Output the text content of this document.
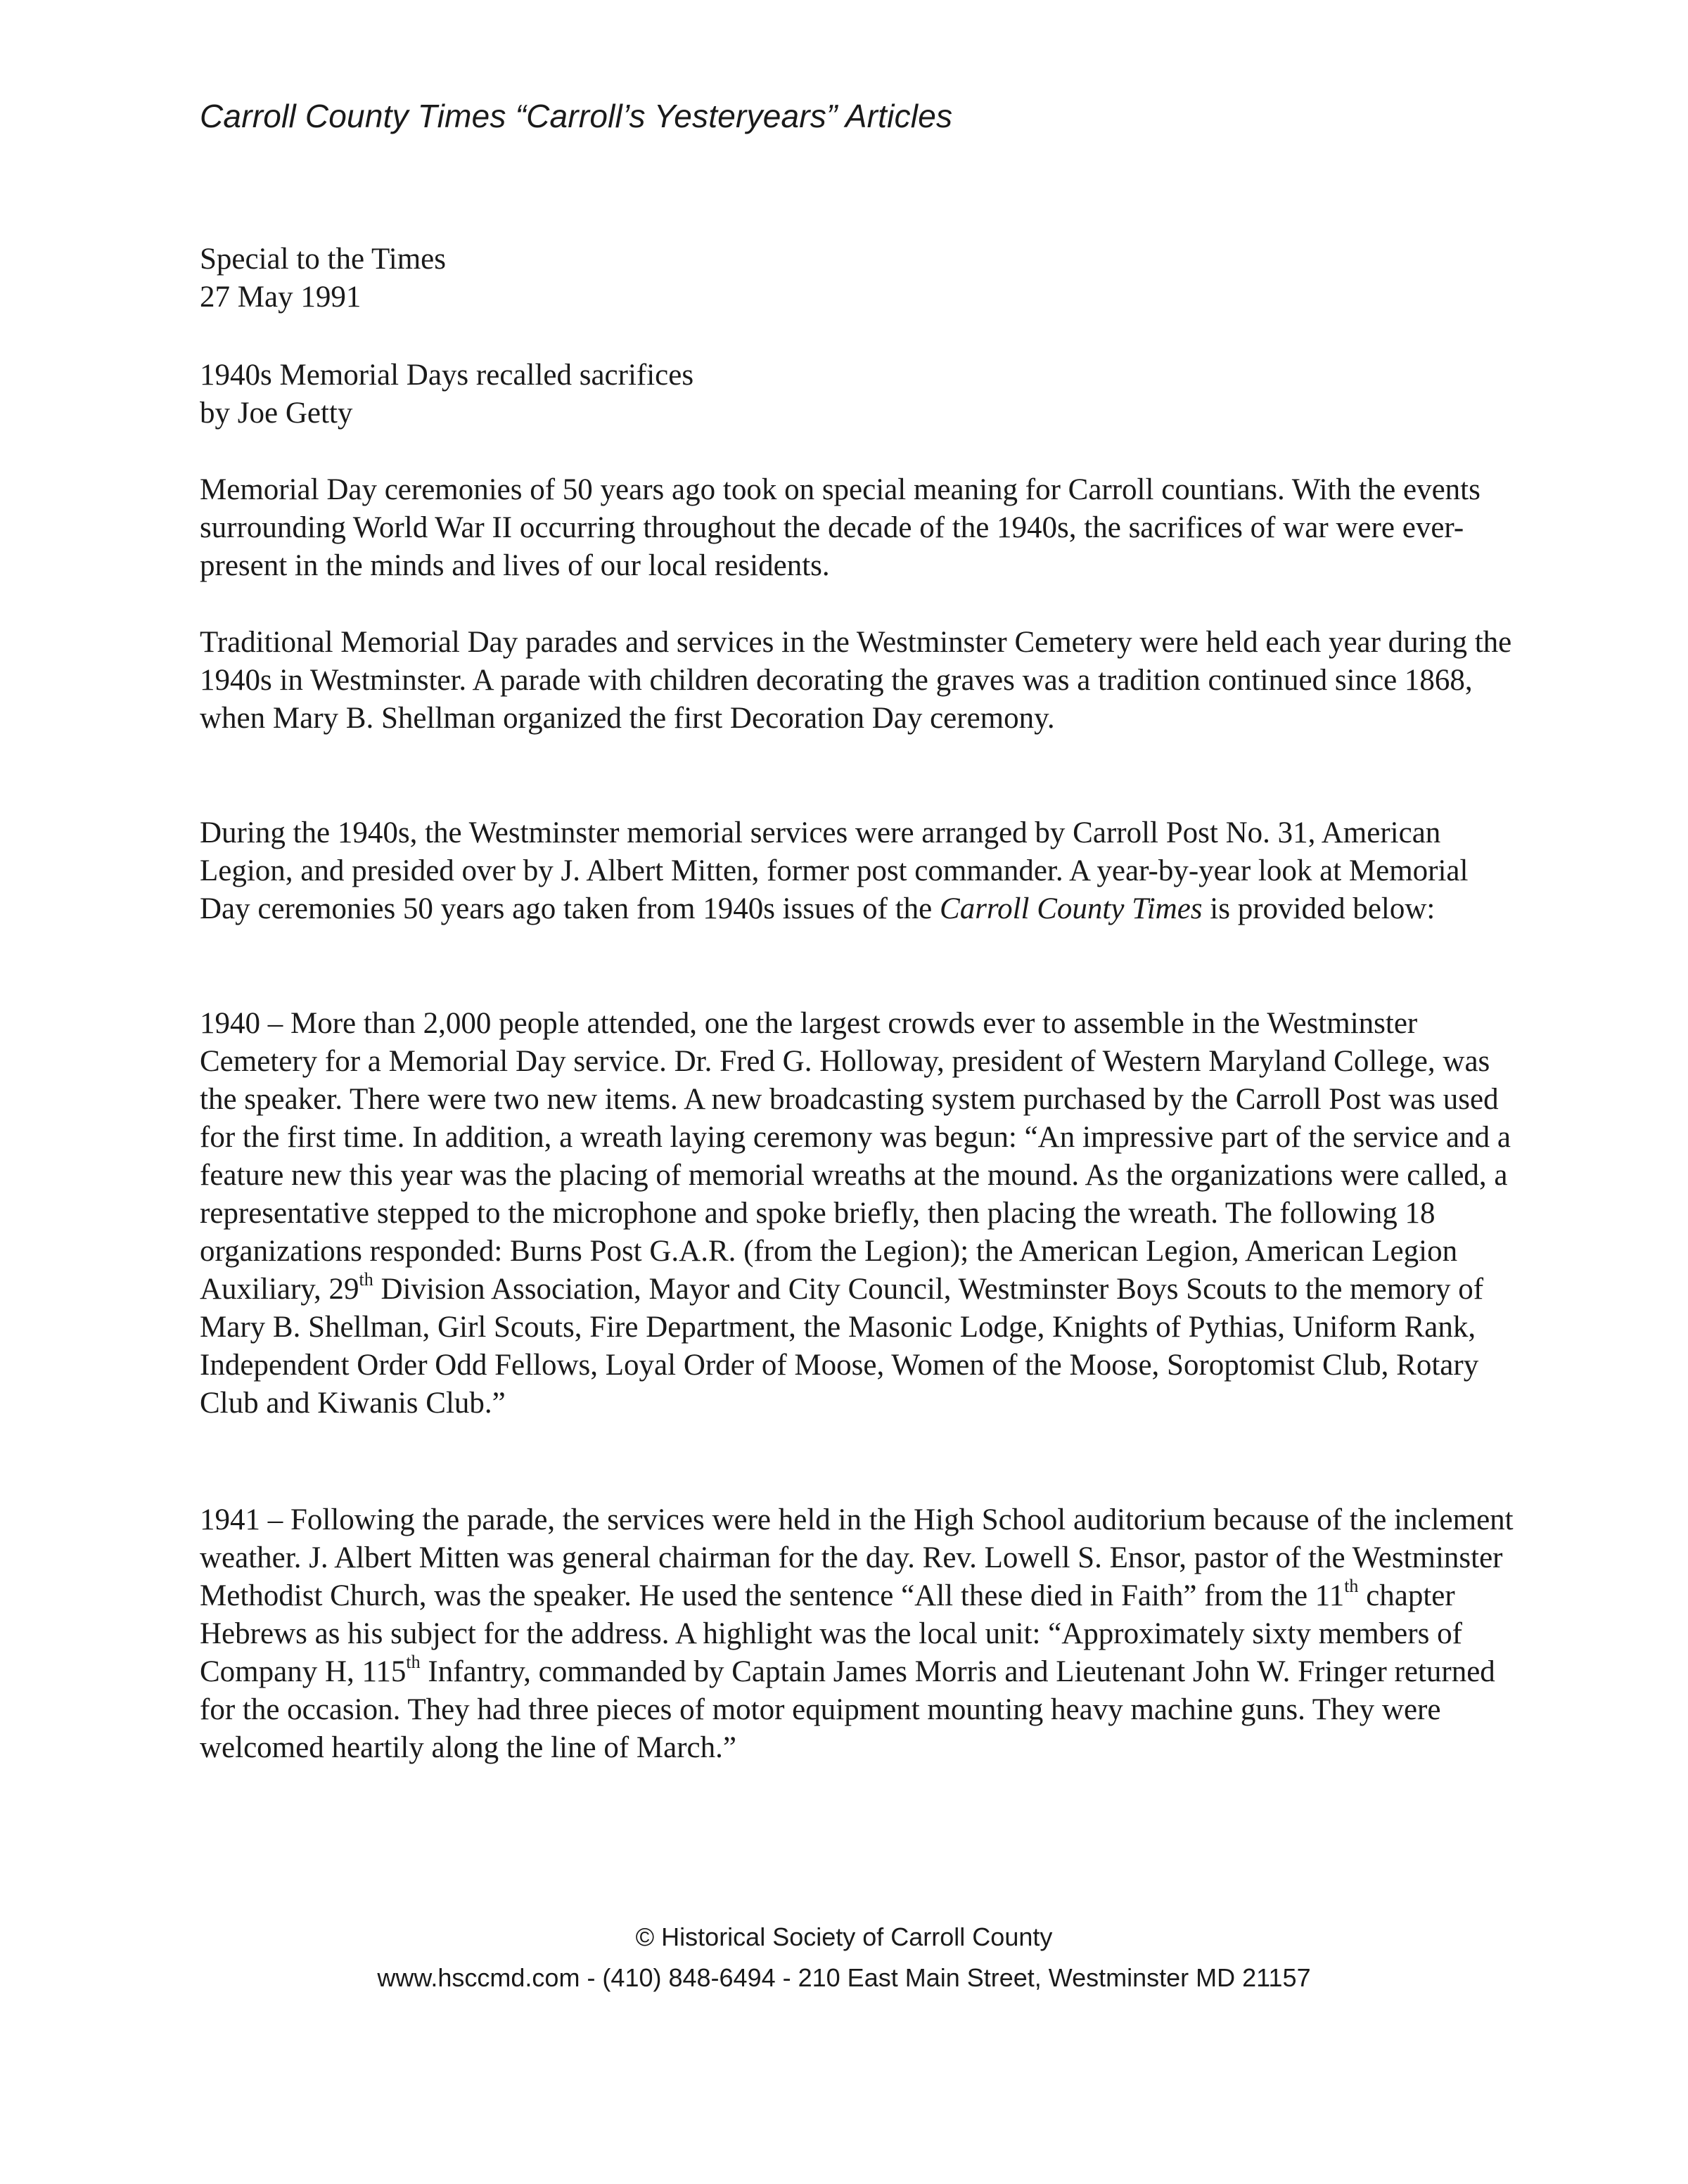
Carroll County Times “Carroll’s Yesteryears” Articles

Special to the Times

27 May 1991

1940s Memorial Days recalled sacrifices

by Joe Getty

Memorial Day ceremonies of 50 years ago took on special meaning for Carroll countians. With the events surrounding World War II occurring throughout the decade of the 1940s, the sacrifices of war were ever-present in the minds and lives of our local residents.

Traditional Memorial Day parades and services in the Westminster Cemetery were held each year during the 1940s in Westminster. A parade with children decorating the graves was a tradition continued since 1868, when Mary B. Shellman organized the first Decoration Day ceremony.

During the 1940s, the Westminster memorial services were arranged by Carroll Post No. 31, American Legion, and presided over by J. Albert Mitten, former post commander. A year-by-year look at Memorial Day ceremonies 50 years ago taken from 1940s issues of the Carroll County Times is provided below:

1940 – More than 2,000 people attended, one the largest crowds ever to assemble in the Westminster Cemetery for a Memorial Day service. Dr. Fred G. Holloway, president of Western Maryland College, was the speaker. There were two new items. A new broadcasting system purchased by the Carroll Post was used for the first time. In addition, a wreath laying ceremony was begun: “An impressive part of the service and a feature new this year was the placing of memorial wreaths at the mound. As the organizations were called, a representative stepped to the microphone and spoke briefly, then placing the wreath. The following 18 organizations responded: Burns Post G.A.R. (from the Legion); the American Legion, American Legion Auxiliary, 29th Division Association, Mayor and City Council, Westminster Boys Scouts to the memory of Mary B. Shellman, Girl Scouts, Fire Department, the Masonic Lodge, Knights of Pythias, Uniform Rank, Independent Order Odd Fellows, Loyal Order of Moose, Women of the Moose, Soroptomist Club, Rotary Club and Kiwanis Club.”

1941 – Following the parade, the services were held in the High School auditorium because of the inclement weather. J. Albert Mitten was general chairman for the day. Rev. Lowell S. Ensor, pastor of the Westminster Methodist Church, was the speaker. He used the sentence “All these died in Faith” from the 11th chapter Hebrews as his subject for the address. A highlight was the local unit: “Approximately sixty members of Company H, 115th Infantry, commanded by Captain James Morris and Lieutenant John W. Fringer returned for the occasion. They had three pieces of motor equipment mounting heavy machine guns. They were welcomed heartily along the line of March.”

© Historical Society of Carroll County
www.hsccmd.com - (410) 848-6494 - 210 East Main Street, Westminster MD 21157
